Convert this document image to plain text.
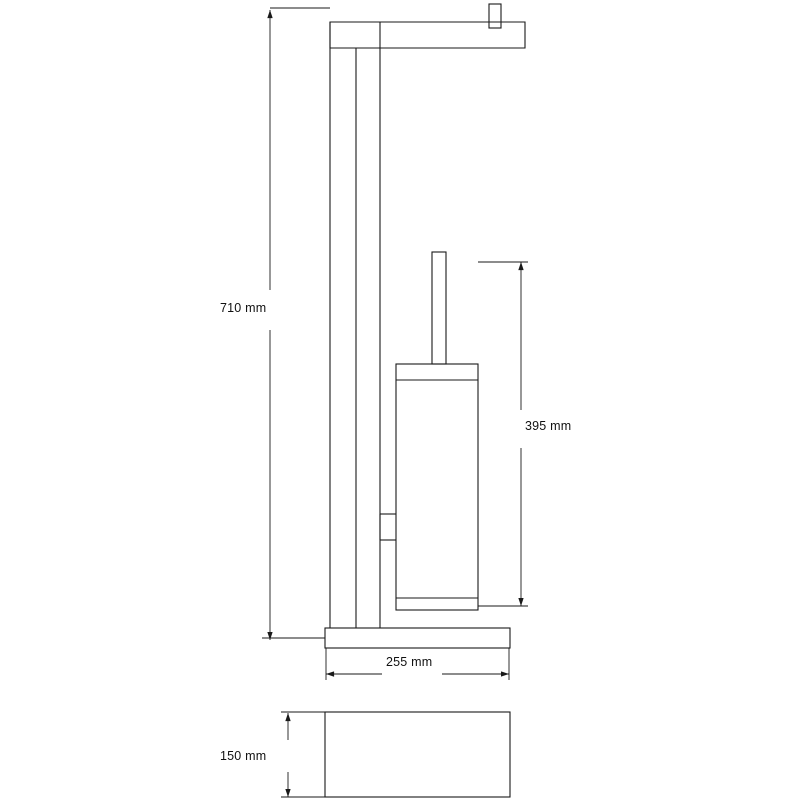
710 mm
395 mm
255 mm
150 mm
